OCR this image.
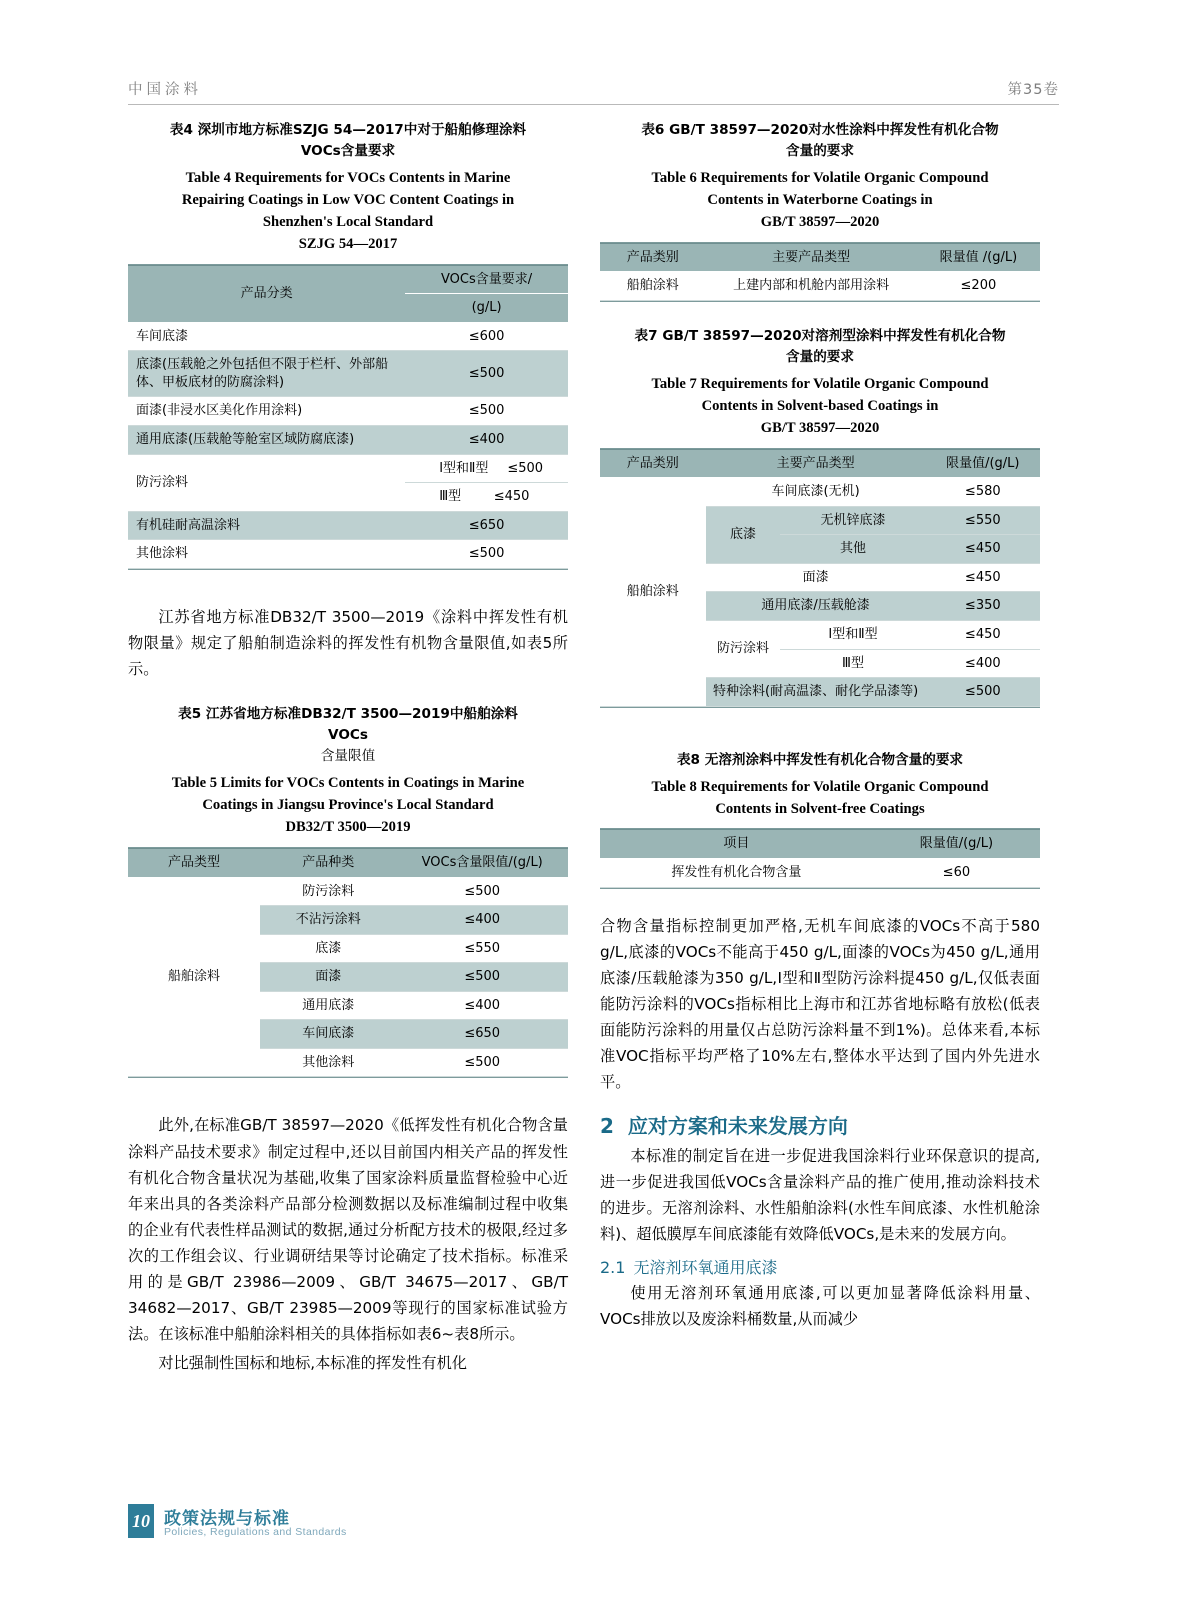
中国涂料	第35卷
表4 深圳市地方标准SZJG 54—2017中对于船舶修理涂料
VOCs含量要求
Table 4 Requirements for VOCs Contents in Marine
Repairing Coatings in Low VOC Content Coatings in
Shenzhen's Local Standard
SZJG 54—2017
产品分类	VOCs含量要求/
	(g/L)
车间底漆	≤600
底漆(压载舱之外包括但不限于栏杆、外部船体、甲板底材的防腐涂料)	≤500
面漆(非浸水区美化作用涂料)	≤500
通用底漆(压载舱等舱室区域防腐底漆)	≤400
防污涂料	Ⅰ型和Ⅱ型 ≤500

	Ⅲ型 ≤450
有机硅耐高温涂料	≤650
其他涂料	≤500

江苏省地方标准DB32/T 3500—2019《涂料中挥发性有机物限量》规定了船舶制造涂料的挥发性有机物含量限值,如表5所示。

表5 江苏省地方标准DB32/T 3500—2019中船舶涂料
VOCs
含量限值
Table 5 Limits for VOCs Contents in Coatings in Marine
Coatings in Jiangsu Province's Local Standard
DB32/T 3500—2019
产品类型	产品种类	VOCs含量限值/(g/L)
船舶涂料	防污涂料	≤500
	不沾污涂料	≤400
	底漆	≤550
	面漆	≤500
	通用底漆	≤400
	车间底漆	≤650
	其他涂料	≤500

此外,在标准GB/T 38597—2020《低挥发性有机化合物含量涂料产品技术要求》制定过程中,还以目前国内相关产品的挥发性有机化合物含量状况为基础,收集了国家涂料质量监督检验中心近年来出具的各类涂料产品部分检测数据以及标准编制过程中收集的企业有代表性样品测试的数据,通过分析配方技术的极限,经过多次的工作组会议、行业调研结果等讨论确定了技术指标。标准采用的是GB/T 23986—2009、GB/T 34675—2017、GB/T 34682—2017、GB/T 23985—2009等现行的国家标准试验方法。在该标准中船舶涂料相关的具体指标如表6~表8所示。

对比强制性国标和地标,本标准的挥发性有机化

表6 GB/T 38597—2020对水性涂料中挥发性有机化合物
含量的要求
Table 6 Requirements for Volatile Organic Compound
Contents in Waterborne Coatings in
GB/T 38597—2020
产品类别	主要产品类型	限量值 /(g/L)
船舶涂料	上建内部和机舱内部用涂料	≤200
表7 GB/T 38597—2020对溶剂型涂料中挥发性有机化合物
含量的要求
Table 7 Requirements for Volatile Organic Compound
Contents in Solvent-based Coatings in
GB/T 38597—2020
产品类别	主要产品类型		限量值/(g/L)
船舶涂料	车间底漆(无机)		≤580
	底漆	无机锌底漆	≤550
		其他	≤450
	面漆		≤450
	通用底漆/压载舱漆		≤350
	防污涂料	Ⅰ型和Ⅱ型	≤450
		Ⅲ型	≤400
	特种涂料(耐高温漆、耐化学品漆等)		≤500
表8 无溶剂涂料中挥发性有机化合物含量的要求
Table 8 Requirements for Volatile Organic Compound
Contents in Solvent-free Coatings
项目	限量值/(g/L)
挥发性有机化合物含量	≤60

合物含量指标控制更加严格,无机车间底漆的VOCs不高于580 g/L,底漆的VOCs不能高于450 g/L,面漆的VOCs为450 g/L,通用底漆/压载舱漆为350 g/L,Ⅰ型和Ⅱ型防污涂料提450 g/L,仅低表面能防污涂料的VOCs指标相比上海市和江苏省地标略有放松(低表面能防污涂料的用量仅占总防污涂料量不到1%)。总体来看,本标准VOC指标平均严格了10%左右,整体水平达到了国内外先进水平。

2 应对方案和未来发展方向

本标准的制定旨在进一步促进我国涂料行业环保意识的提高,进一步促进我国低VOCs含量涂料产品的推广使用,推动涂料技术的进步。无溶剂涂料、水性船舶涂料(水性车间底漆、水性机舱涂料)、超低膜厚车间底漆能有效降低VOCs,是未来的发展方向。

2.1 无溶剂环氧通用底漆

使用无溶剂环氧通用底漆,可以更加显著降低涂料用量、VOCs排放以及废涂料桶数量,从而减少

10 政策法规与标准
Policies, Regulations and Standards
